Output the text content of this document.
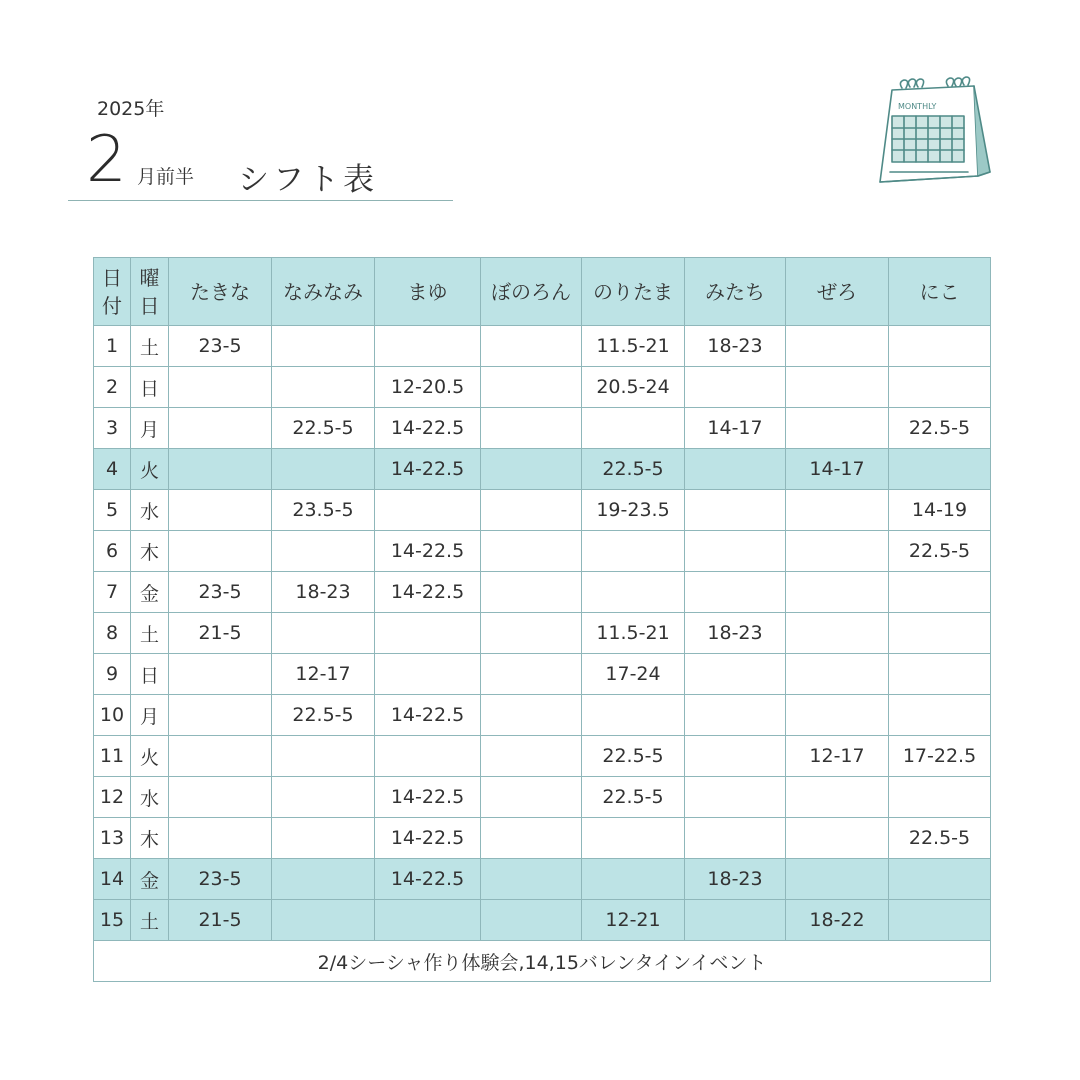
2025年
2 月前半 シフト表
MONTHLY
日付	曜日	たきな	なみなみ	まゆ	ぼのろん	のりたま	みたち	ぜろ	にこ
1	土	23-5				11.5-21	18-23		
2	日			12-20.5		20.5-24			
3	月		22.5-5	14-22.5			14-17		22.5-5
4	火			14-22.5		22.5-5		14-17	
5	水		23.5-5			19-23.5			14-19
6	木			14-22.5					22.5-5
7	金	23-5	18-23	14-22.5					
8	土	21-5				11.5-21	18-23		
9	日		12-17			17-24			
10	月		22.5-5	14-22.5					
11	火					22.5-5		12-17	17-22.5
12	水			14-22.5		22.5-5			
13	木			14-22.5					22.5-5
14	金	23-5		14-22.5			18-23		
15	土	21-5				12-21		18-22	
2/4シーシャ作り体験会,14,15バレンタインイベント									
